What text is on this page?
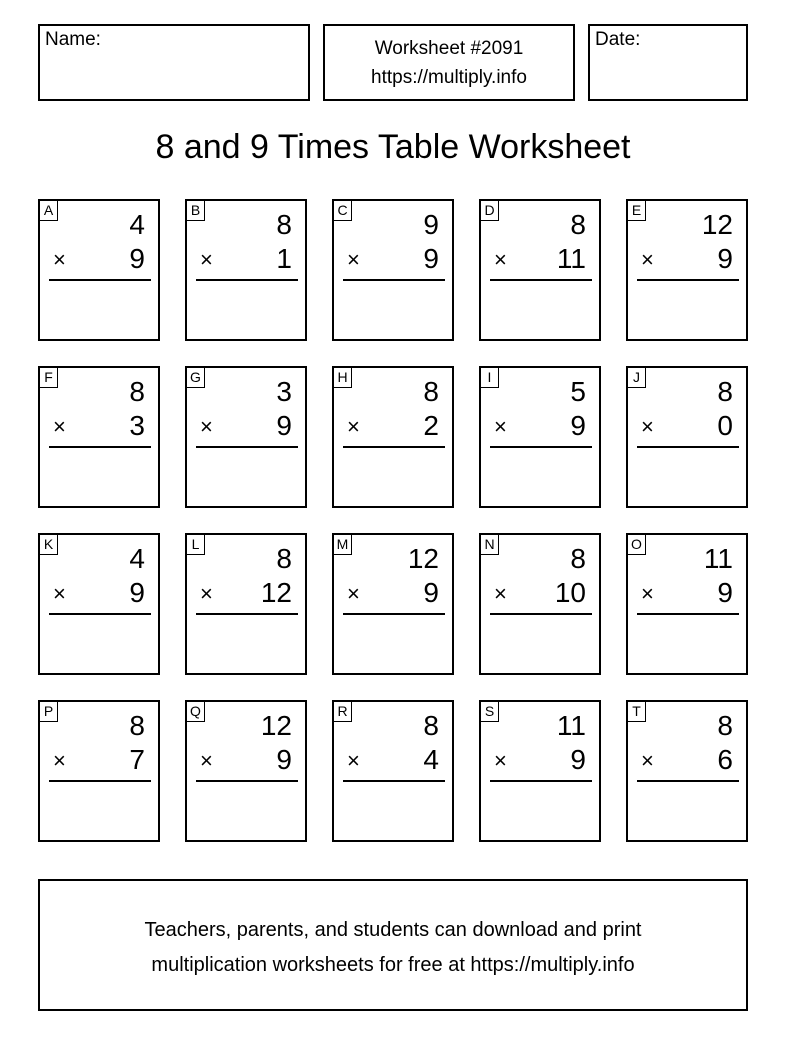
Name:	Worksheet #2091
https://multiply.info
Date:
8 and 9 Times Table Worksheet
A	4
× 9
B	8
× 1
C	9
× 9
D	8
× 11
E 12
× 9
F	8
× 3
G	3
× 9
H	8
× 2
I	5
× 9
J	8
× 0
K	4
× 9
L	8
× 12
M 12
× 9
N	8
× 10
O 11
× 9
P	8
× 7
Q 12
× 9
R	8
× 4
S 11
× 9
T	8
× 6
Teachers, parents, and students can download and print
multiplication worksheets for free at https://multiply.info
